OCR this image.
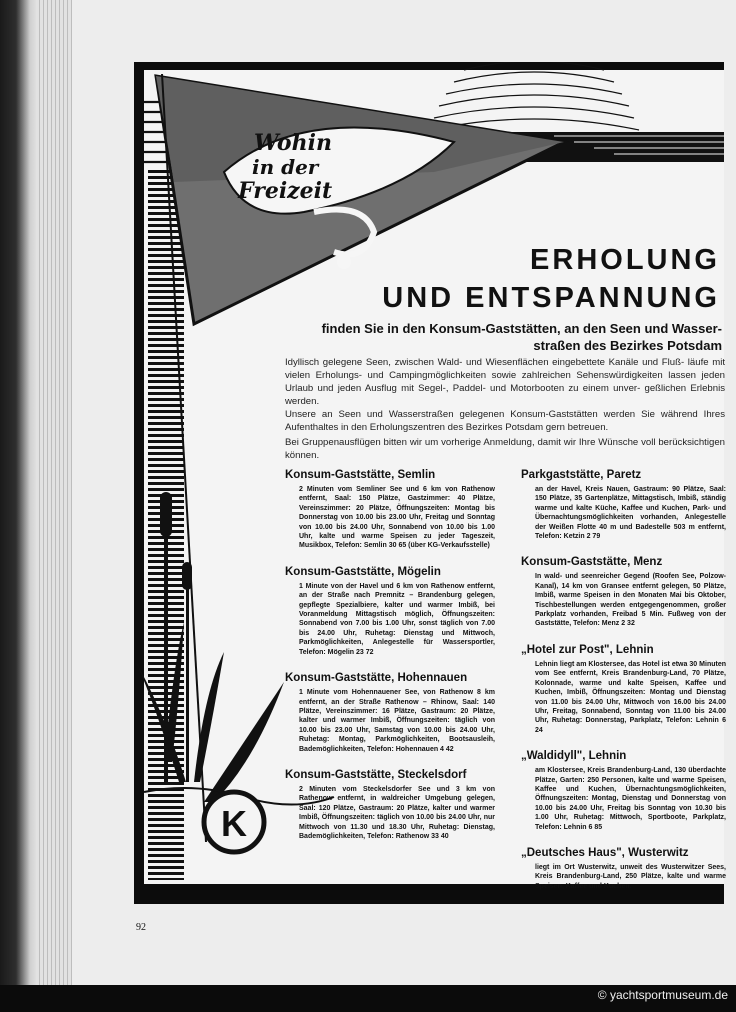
K
Wohin
in der
Freizeit
ERHOLUNG
UND ENTSPANNUNG
finden Sie in den Konsum-Gaststätten, an den Seen und Wasser-
straßen des Bezirkes Potsdam
Idyllisch gelegene Seen, zwischen Wald- und Wiesenflächen eingebettete Kanäle und Fluß- läufe mit vielen Erholungs- und Campingmöglichkeiten sowie zahlreichen Sehenswürdigkeiten lassen jeden Urlaub und jeden Ausflug mit Segel-, Paddel- und Motorbooten zu einem unver- geßlichen Erlebnis werden.
Unsere an Seen und Wasserstraßen gelegenen Konsum-Gaststätten werden Sie während Ihres Aufenthaltes in den Erholungszentren des Bezirkes Potsdam gern betreuen.
Bei Gruppenausflügen bitten wir um vorherige Anmeldung, damit wir Ihre Wünsche voll berücksichtigen können.
Konsum-Gaststätte, Semlin

2 Minuten vom Semliner See und 6 km von Rathenow entfernt, Saal: 150 Plätze, Gastzimmer: 40 Plätze, Vereinszimmer: 20 Plätze, Öffnungszeiten: Montag bis Donnerstag von 10.00 bis 23.00 Uhr, Freitag und Sonntag von 10.00 bis 24.00 Uhr, Sonnabend von 10.00 bis 1.00 Uhr, kalte und warme Speisen zu jeder Tageszeit, Musikbox, Telefon: Semlin 30 65 (über KG-Verkaufsstelle)

Konsum-Gaststätte, Mögelin

1 Minute von der Havel und 6 km von Rathenow entfernt, an der Straße nach Premnitz – Brandenburg gelegen, gepflegte Spezialbiere, kalter und warmer Imbiß, bei Voranmeldung Mittagstisch möglich, Öffnungszeiten: Sonnabend von 7.00 bis 1.00 Uhr, sonst täglich von 7.00 bis 24.00 Uhr, Ruhetag: Dienstag und Mittwoch, Parkmöglichkeiten, Anlegestelle für Wassersportler, Telefon: Mögelin 23 72

Konsum-Gaststätte, Hohennauen

1 Minute vom Hohennauener See, von Rathenow 8 km entfernt, an der Straße Rathenow – Rhinow, Saal: 140 Plätze, Vereinszimmer: 16 Plätze, Gastraum: 20 Plätze, kalter und warmer Imbiß, Öffnungszeiten: täglich von 10.00 bis 23.00 Uhr, Samstag von 10.00 bis 24.00 Uhr, Ruhetag: Montag, Parkmöglichkeiten, Bootsausleih, Bademöglichkeiten, Telefon: Hohennauen 4 42

Konsum-Gaststätte, Steckelsdorf

2 Minuten vom Steckelsdorfer See und 3 km von Rathenow entfernt, in waldreicher Umgebung gelegen, Saal: 120 Plätze, Gastraum: 20 Plätze, kalter und warmer Imbiß, Öffnungszeiten: täglich von 10.00 bis 24.00 Uhr, nur Mittwoch von 11.30 und 18.30 Uhr, Ruhetag: Dienstag, Bademöglichkeiten, Telefon: Rathenow 33 40

Parkgaststätte, Paretz

an der Havel, Kreis Nauen, Gastraum: 90 Plätze, Saal: 150 Plätze, 35 Gartenplätze, Mittagstisch, Imbiß, ständig warme und kalte Küche, Kaffee und Kuchen, Park- und Übernachtungsmöglichkeiten vorhanden, Anlegestelle der Weißen Flotte 40 m und Badestelle 503 m entfernt, Telefon: Ketzin 2 79

Konsum-Gaststätte, Menz

In wald- und seenreicher Gegend (Roofen See, Polzow-Kanal), 14 km von Gransee entfernt gelegen, 50 Plätze, Imbiß, warme Speisen in den Monaten Mai bis Oktober, Tischbestellungen werden entgegengenommen, großer Parkplatz vorhanden, Freibad 5 Min. Fußweg von der Gaststätte, Telefon: Menz 2 32

„Hotel zur Post", Lehnin

Lehnin liegt am Klostersee, das Hotel ist etwa 30 Minuten vom See entfernt, Kreis Brandenburg-Land, 70 Plätze, Kolonnade, warme und kalte Speisen, Kaffee und Kuchen, Imbiß, Öffnungszeiten: Montag und Dienstag von 11.00 bis 24.00 Uhr, Mittwoch von 16.00 bis 24.00 Uhr, Freitag, Sonnabend, Sonntag von 11.00 bis 24.00 Uhr, Ruhetag: Donnerstag, Parkplatz, Telefon: Lehnin 6 24

„Waldidyll", Lehnin

am Klostersee, Kreis Brandenburg-Land, 130 überdachte Plätze, Garten: 250 Personen, kalte und warme Speisen, Kaffee und Kuchen, Übernachtungsmöglichkeiten, Öffnungszeiten: Montag, Dienstag und Donnerstag von 10.00 bis 24.00 Uhr, Freitag bis Sonntag von 10.30 bis 1.00 Uhr, Ruhetag: Mittwoch, Sportboote, Parkplatz, Telefon: Lehnin 6 85

„Deutsches Haus", Wusterwitz

liegt im Ort Wusterwitz, unweit des Wusterwitzer Sees, Kreis Brandenburg-Land, 250 Plätze, kalte und warme Speisen, Kaffee und Kuchen.

92
© yachtsportmuseum.de
